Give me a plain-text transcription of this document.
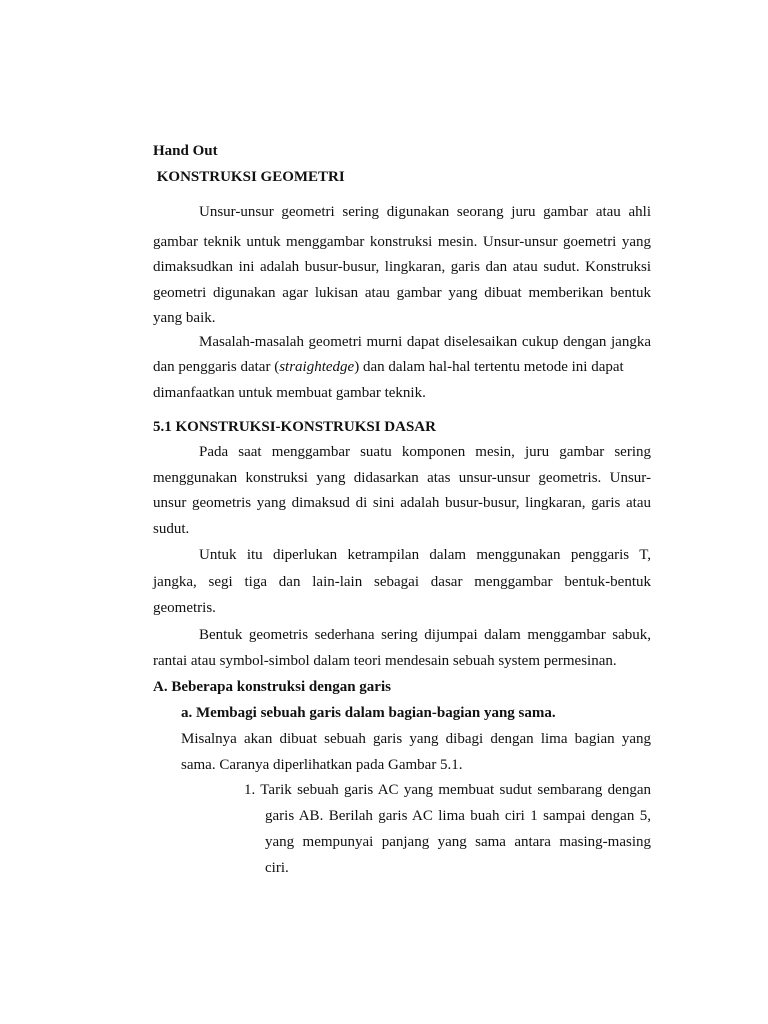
Hand Out
KONSTRUKSI GEOMETRI
Unsur-unsur geometri sering digunakan seorang juru gambar atau ahli
gambar teknik untuk menggambar konstruksi mesin. Unsur-unsur goemetri yang
dimaksudkan ini adalah busur-busur, lingkaran, garis dan atau sudut. Konstruksi
geometri digunakan agar lukisan atau gambar yang dibuat memberikan bentuk
yang baik.
Masalah-masalah geometri murni dapat diselesaikan cukup dengan jangka
dan penggaris datar (straightedge) dan dalam hal-hal tertentu metode ini dapat
dimanfaatkan untuk membuat gambar teknik.
5.1 KONSTRUKSI-KONSTRUKSI DASAR
Pada saat menggambar suatu komponen mesin, juru gambar sering
menggunakan konstruksi yang didasarkan atas unsur-unsur geometris. Unsur-
unsur geometris yang dimaksud di sini adalah busur-busur, lingkaran, garis atau
sudut.
Untuk itu diperlukan ketrampilan dalam menggunakan penggaris T,
jangka, segi tiga dan lain-lain sebagai dasar menggambar bentuk-bentuk
geometris.
Bentuk geometris sederhana sering dijumpai dalam menggambar sabuk,
rantai atau symbol-simbol dalam teori mendesain sebuah system permesinan.
A. Beberapa konstruksi dengan garis
a. Membagi sebuah garis dalam bagian-bagian yang sama.
Misalnya akan dibuat sebuah garis yang dibagi dengan lima bagian yang
sama. Caranya diperlihatkan pada Gambar 5.1.
1. Tarik sebuah garis AC yang membuat sudut sembarang dengan
garis AB. Berilah garis AC lima buah ciri 1 sampai dengan 5,
yang mempunyai panjang yang sama antara masing-masing
ciri.
